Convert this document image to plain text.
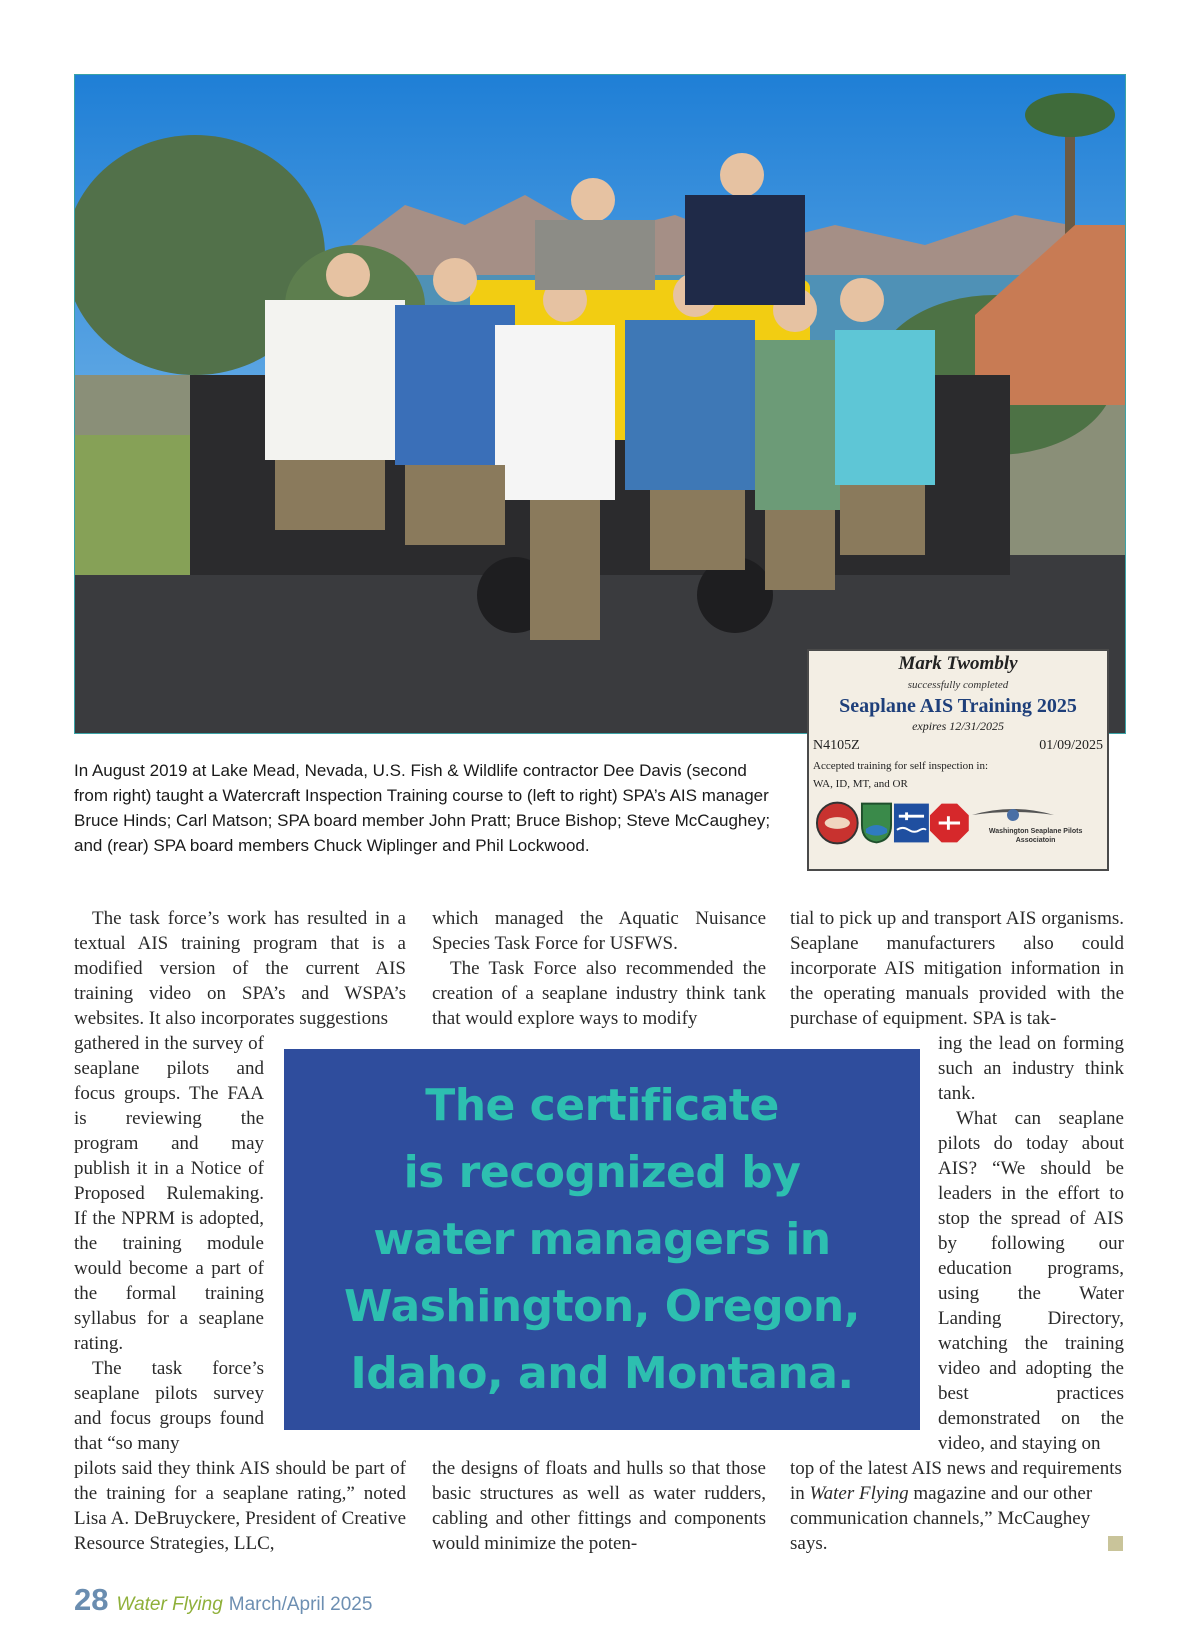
Mark Twombly
successfully completed
Seaplane AIS Training 2025
expires 12/31/2025
N4105Z	01/09/2025
Accepted training for self inspection in:
WA, ID, MT, and OR
Washington Seaplane Pilots Associatoin
In August 2019 at Lake Mead, Nevada, U.S. Fish & Wildlife contractor Dee Davis (second from right) taught a Watercraft Inspection Training course to (left to right) SPA’s AIS manager Bruce Hinds; Carl Matson; SPA board member John Pratt; Bruce Bishop; Steve McCaughey; and (rear) SPA board members Chuck Wiplinger and Phil Lockwood.

The task force’s work has resulted in a textual AIS training program that is a modified version of the current AIS training video on SPA’s and WSPA’s websites. It also incorporates suggestions

which managed the Aquatic Nuisance Species Task Force for USFWS.

The Task Force also recommended the creation of a seaplane industry think tank that would explore ways to modify

tial to pick up and transport AIS organisms. Seaplane manufacturers also could incorporate AIS mitigation information in the operating manuals provided with the purchase of equipment. SPA is tak-

gathered in the survey of seaplane pilots and focus groups. The FAA is reviewing the program and may publish it in a Notice of Proposed Rulemaking. If the NPRM is adopted, the training module would become a part of the formal training syllabus for a seaplane rating.

The task force’s seaplane pilots survey and focus groups found that “so many

ing the lead on forming such an industry think tank.

What can seaplane pilots do today about AIS? “We should be leaders in the effort to stop the spread of AIS by following our education programs, using the Water Landing Directory, watching the training video and adopting the best practices demonstrated on the video, and staying on

pilots said they think AIS should be part of the training for a seaplane rating,” noted Lisa A. DeBruyckere, President of Creative Resource Strategies, LLC,

the designs of floats and hulls so that those basic structures as well as water rudders, cabling and other fittings and components would minimize the poten-

top of the latest AIS news and requirements in Water Flying magazine and our other communication channels,” McCaughey says.

The certificate
is recognized by
water managers in
Washington, Oregon,
Idaho, and Montana.
28 Water Flying March/April 2025
